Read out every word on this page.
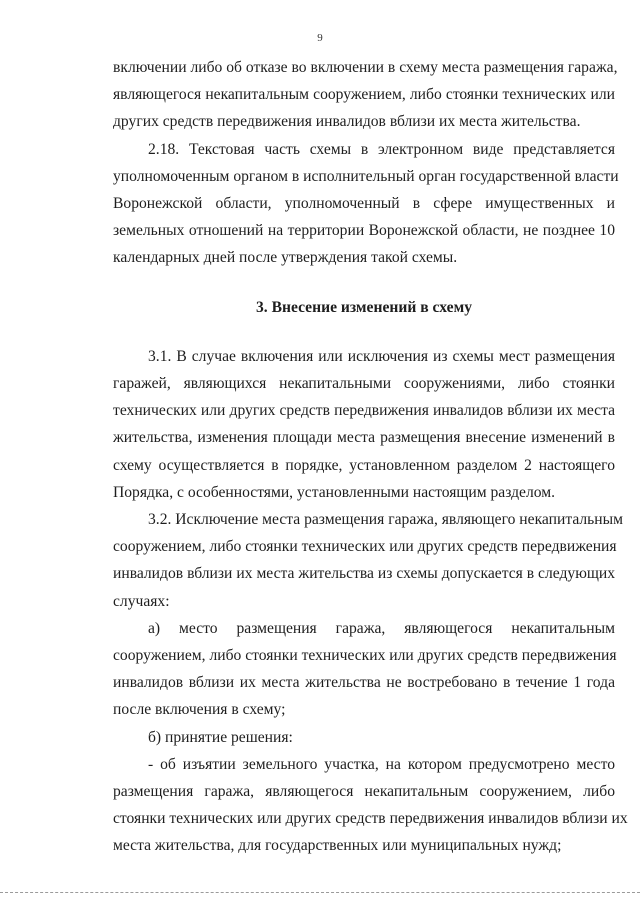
9

включении либо об отказе во включении в схему места размещения гаража,
являющегося некапитальным сооружением, либо стоянки технических или
других средств передвижения инвалидов вблизи их места жительства.

2.18. Текстовая часть схемы в электронном виде представляется
уполномоченным органом в исполнительный орган государственной власти
Воронежской области, уполномоченный в сфере имущественных и
земельных отношений на территории Воронежской области, не позднее 10
календарных дней после утверждения такой схемы.

3. Внесение изменений в схему

3.1. В случае включения или исключения из схемы мест размещения
гаражей, являющихся некапитальными сооружениями, либо стоянки
технических или других средств передвижения инвалидов вблизи их места
жительства, изменения площади места размещения внесение изменений в
схему осуществляется в порядке, установленном разделом 2 настоящего
Порядка, с особенностями, установленными настоящим разделом.

3.2. Исключение места размещения гаража, являющего некапитальным
сооружением, либо стоянки технических или других средств передвижения
инвалидов вблизи их места жительства из схемы допускается в следующих
случаях:

а) место размещения гаража, являющегося некапитальным
сооружением, либо стоянки технических или других средств передвижения
инвалидов вблизи их места жительства не востребовано в течение 1 года
после включения в схему;

б) принятие решения:

- об изъятии земельного участка, на котором предусмотрено место
размещения гаража, являющегося некапитальным сооружением, либо
стоянки технических или других средств передвижения инвалидов вблизи их
места жительства, для государственных или муниципальных нужд;
